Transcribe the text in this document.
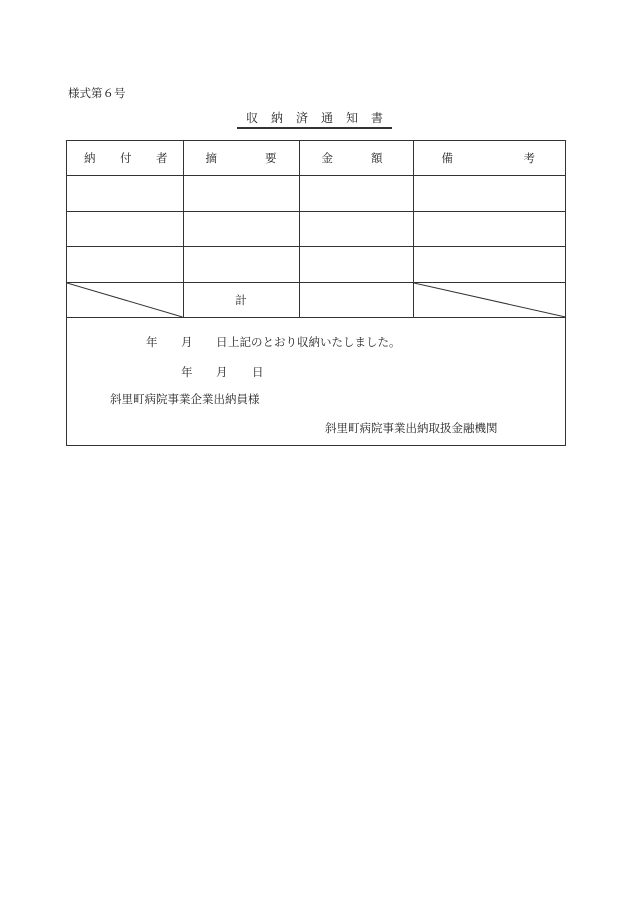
様式第６号
収 納 済 通 知 書
納 付 者	摘 要	金 額	備 考

	計		
年 月 日 上記のとおり収納いたしました。
年 月 日
斜里町病院事業企業出納員様
斜里町病院事業出納取扱金融機関
